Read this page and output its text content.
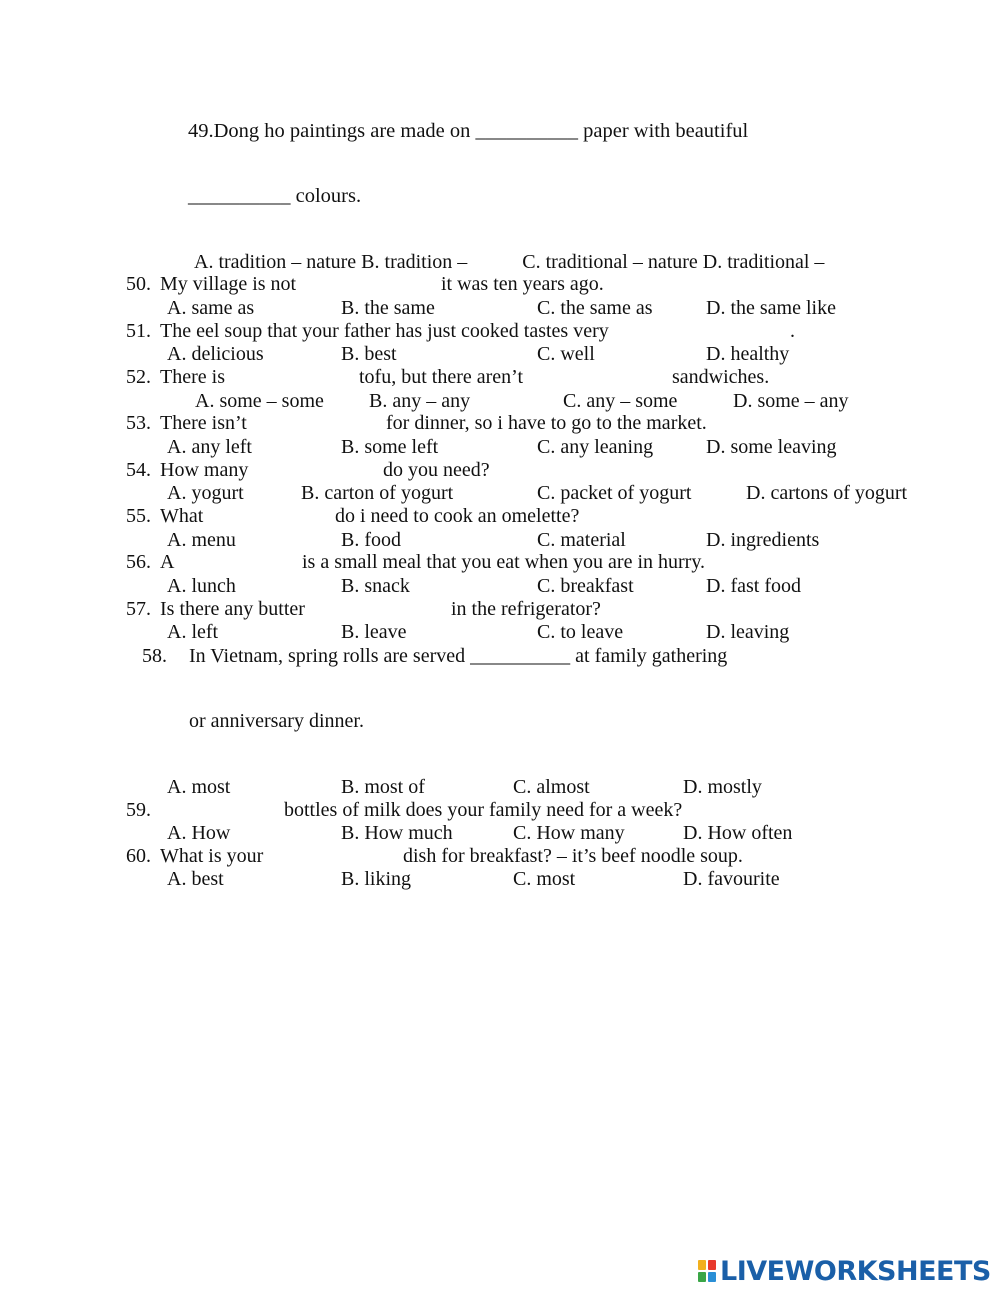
49.Dong ho paintings are made on __________ paper with beautiful
__________ colours.
A. tradition – nature B. tradition –           C. traditional – nature D. traditional –
50. My village is not	it was ten years ago.
A. same as	B. the same	C. the same as	D. the same like
51. The eel soup that your father has just cooked tastes very	.
A. delicious	B. best	C. well	D. healthy
52. There is	tofu, but there aren’t	sandwiches.
A. some – some B. any – any	C. any – some	D. some – any
53. There isn’t	for dinner, so i have to go to the market.
A. any left	B. some left	C. any leaning	D. some leaving
54. How many	do you need?
A. yogurt	B. carton of yogurt	C. packet of yogurt	D. cartons of yogurt
55. What	do i need to cook an omelette?
A. menu	B. food	C. material	D. ingredients
56. A	is a small meal that you eat when you are in hurry.
A. lunch	B. snack	C. breakfast	D. fast food
57. Is there any butter	in the refrigerator?
A. left	B. leave	C. to leave	D. leaving
58. In Vietnam, spring rolls are served __________ at family gathering
or anniversary dinner.
A. most	B. most of	C. almost	D. mostly
59.	bottles of milk does your family need for a week?
A. How	B. How much	C. How many	D. How often
60. What is your	dish for breakfast? – it’s beef noodle soup.
A. best	B. liking	C. most	D. favourite
LIVEWORKSHEETS
